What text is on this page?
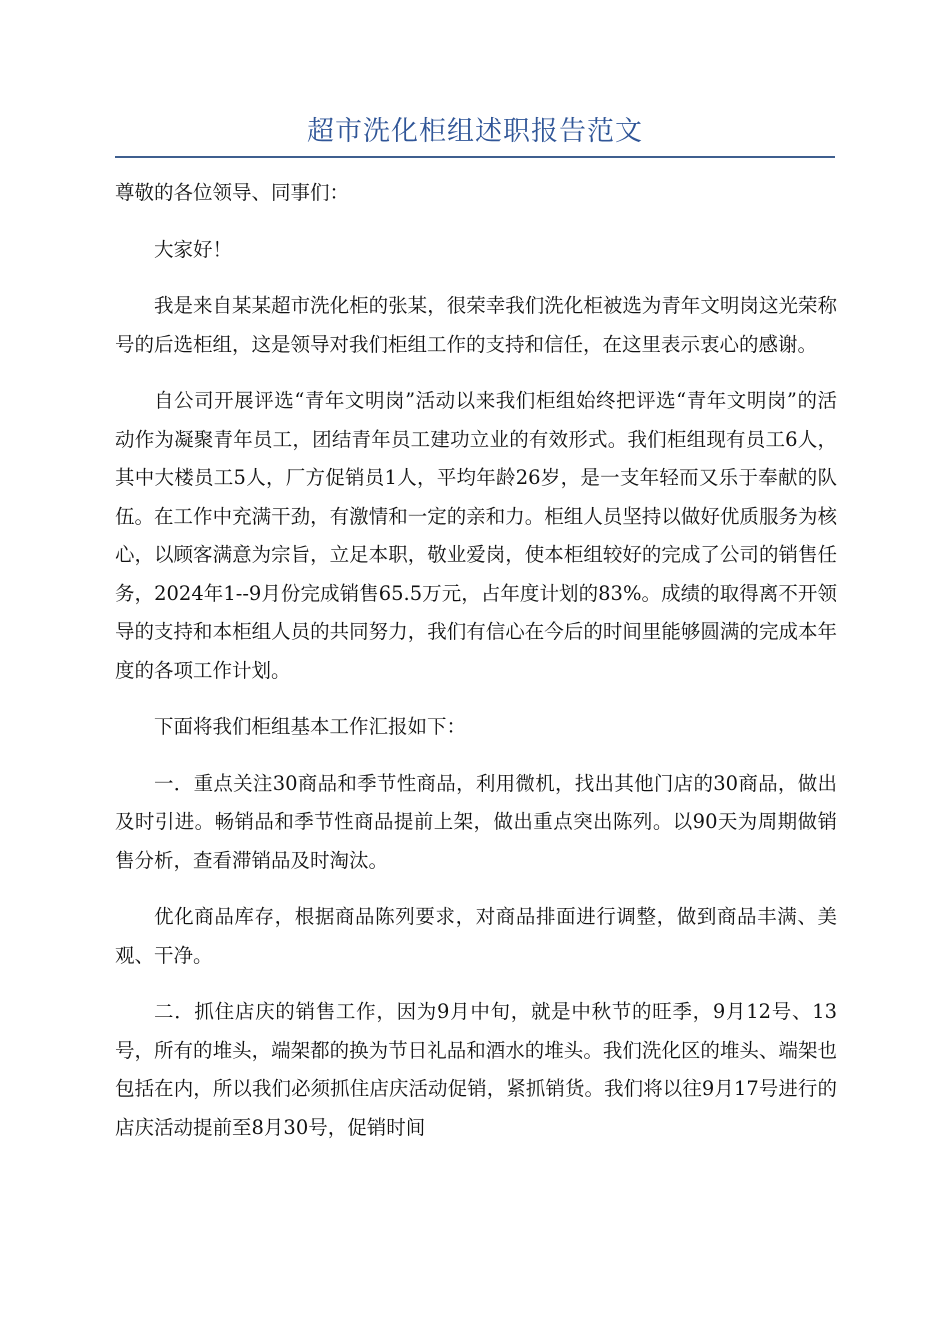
超市洗化柜组述职报告范文

尊敬的各位领导、同事们：

大家好！

我是来自某某超市洗化柜的张某，很荣幸我们洗化柜被选为青年文明岗这光荣称号的后选柜组，这是领导对我们柜组工作的支持和信任，在这里表示衷心的感谢。

自公司开展评选“青年文明岗”活动以来我们柜组始终把评选“青年文明岗”的活动作为凝聚青年员工，团结青年员工建功立业的有效形式。我们柜组现有员工6人，其中大楼员工5人，厂方促销员1人，平均年龄26岁，是一支年轻而又乐于奉献的队伍。在工作中充满干劲，有激情和一定的亲和力。柜组人员坚持以做好优质服务为核心，以顾客满意为宗旨，立足本职，敬业爱岗，使本柜组较好的完成了公司的销售任务，2024年1--9月份完成销售65.5万元，占年度计划的83%。成绩的取得离不开领导的支持和本柜组人员的共同努力，我们有信心在今后的时间里能够圆满的完成本年度的各项工作计划。

下面将我们柜组基本工作汇报如下：

一．重点关注30商品和季节性商品，利用微机，找出其他门店的30商品，做出及时引进。畅销品和季节性商品提前上架，做出重点突出陈列。以90天为周期做销售分析，查看滞销品及时淘汰。

优化商品库存，根据商品陈列要求，对商品排面进行调整，做到商品丰满、美观、干净。

二．抓住店庆的销售工作，因为9月中旬，就是中秋节的旺季，9月12号、13号，所有的堆头，端架都的换为节日礼品和酒水的堆头。我们洗化区的堆头、端架也包括在内，所以我们必须抓住店庆活动促销，紧抓销货。我们将以往9月17号进行的店庆活动提前至8月30号，促销时间
